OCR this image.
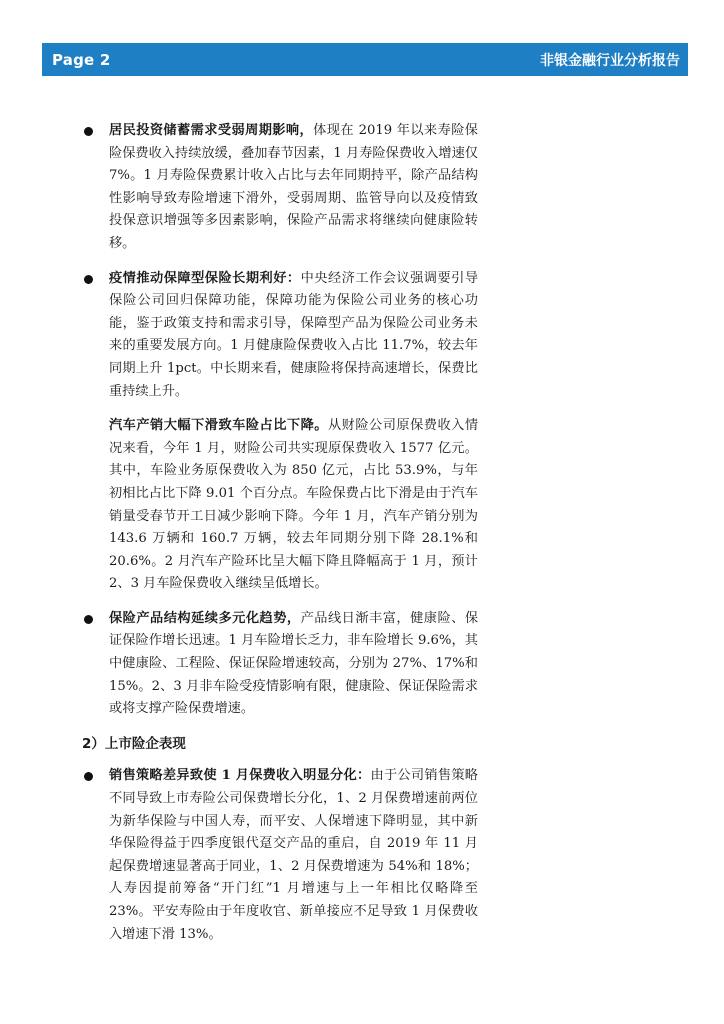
Page 2	非银金融行业分析报告
居民投资储蓄需求受弱周期影响，体现在 2019 年以来寿险保险保费收入持续放缓，叠加春节因素，1 月寿险保费收入增速仅 7%。1 月寿险保费累计收入占比与去年同期持平，除产品结构性影响导致寿险增速下滑外，受弱周期、监管导向以及疫情致投保意识增强等多因素影响，保险产品需求将继续向健康险转移。
疫情推动保障型保险长期利好：中央经济工作会议强调要引导保险公司回归保障功能，保障功能为保险公司业务的核心功能，鉴于政策支持和需求引导，保障型产品为保险公司业务未来的重要发展方向。1 月健康险保费收入占比 11.7%，较去年同期上升 1pct。中长期来看，健康险将保持高速增长，保费比重持续上升。
汽车产销大幅下滑致车险占比下降。从财险公司原保费收入情况来看，今年 1 月，财险公司共实现原保费收入 1577 亿元。其中，车险业务原保费收入为 850 亿元，占比 53.9%，与年初相比占比下降 9.01 个百分点。车险保费占比下滑是由于汽车销量受春节开工日减少影响下降。今年 1 月，汽车产销分别为 143.6 万辆和 160.7 万辆，较去年同期分别下降 28.1%和 20.6%。2 月汽车产险环比呈大幅下降且降幅高于 1 月，预计 2、3 月车险保费收入继续呈低增长。
保险产品结构延续多元化趋势，产品线日渐丰富，健康险、保证保险作增长迅速。1 月车险增长乏力，非车险增长 9.6%，其中健康险、工程险、保证保险增速较高，分别为 27%、17%和 15%。2、3 月非车险受疫情影响有限，健康险、保证保险需求或将支撑产险保费增速。
2）上市险企表现
销售策略差异致使 1 月保费收入明显分化：由于公司销售策略不同导致上市寿险公司保费增长分化，1、2 月保费增速前两位为新华保险与中国人寿，而平安、人保增速下降明显，其中新华保险得益于四季度银代趸交产品的重启，自 2019 年 11 月起保费增速显著高于同业，1、2 月保费增速为 54%和 18%；人寿因提前筹备“开门红”1 月增速与上一年相比仅略降至 23%。平安寿险由于年度收官、新单接应不足导致 1 月保费收入增速下滑 13%。
